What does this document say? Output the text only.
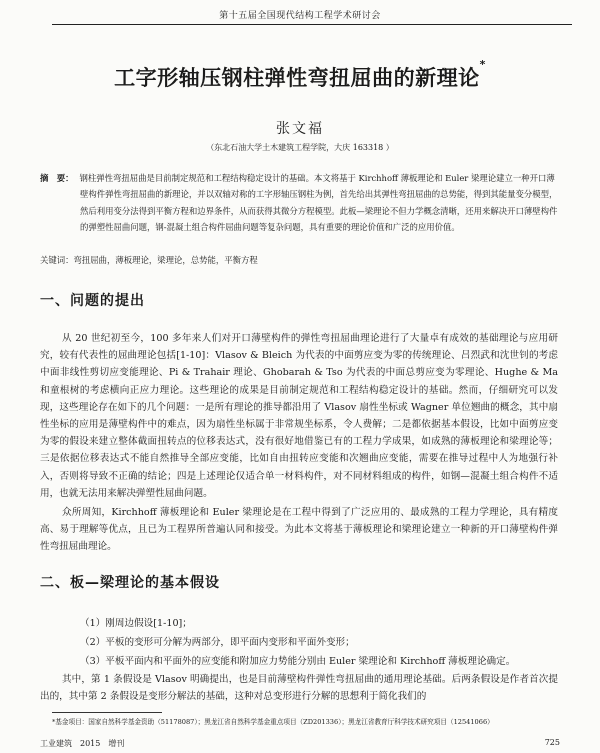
第十五届全国现代结构工程学术研讨会
工字形轴压钢柱弹性弯扭屈曲的新理论*
张文福
（东北石油大学土木建筑工程学院，大庆 163318 ）
摘　要： 钢柱弹性弯扭屈曲是目前制定规范和工程结构稳定设计的基础。本文将基于 Kirchhoff 薄板理论和 Euler 梁理论建立一种开口薄壁构件弹性弯扭屈曲的新理论，并以双轴对称的工字形轴压钢柱为例，首先给出其弹性弯扭屈曲的总势能，得到其能量变分模型，然后利用变分法得到平衡方程和边界条件，从而获得其微分方程模型。此板—梁理论不但力学概念清晰，还用来解决开口薄壁构件的弹塑性屈曲问题，钢-混凝土组合构件屈曲问题等复杂问题，具有重要的理论价值和广泛的应用价值。
关键词：弯扭屈曲，薄板理论，梁理论，总势能，平衡方程
一、问题的提出
从 20 世纪初至今，100 多年来人们对开口薄壁构件的弹性弯扭屈曲理论进行了大量卓有成效的基础理论与应用研究，较有代表性的屈曲理论包括[1-10]：Vlasov & Bleich 为代表的中面剪应变为零的传统理论、吕烈武和沈世钊的考虑中面非线性剪切应变能理论、Pi & Trahair 理论、Ghobarah & Tso 为代表的中面总剪应变为零理论、Hughe & Ma 和童根树的考虑横向正应力理论。这些理论的成果是目前制定规范和工程结构稳定设计的基础。然而，仔细研究可以发现，这些理论存在如下的几个问题：一是所有理论的推导都沿用了 Vlasov 扇性坐标或 Wagner 单位翘曲的概念，其中扇性坐标的应用是薄壁构件中的难点，因为扇性坐标属于非常规坐标系，令人费解；二是都依据基本假设，比如中面剪应变为零的假设来建立整体截面扭转点的位移表达式，没有很好地借鉴已有的工程力学成果，如成熟的薄板理论和梁理论等；三是依据位移表达式不能自然推导全部应变能，比如自由扭转应变能和次翘曲应变能，需要在推导过程中人为地强行补入，否则将导致不正确的结论；四是上述理论仅适合单一材料构件，对不同材料组成的构件，如钢—混凝土组合构件不适用，也就无法用来解决弹塑性屈曲问题。
众所周知，Kirchhoff 薄板理论和 Euler 梁理论是在工程中得到了广泛应用的、最成熟的工程力学理论，具有精度高、易于理解等优点，且已为工程界所普遍认同和接受。为此本文将基于薄板理论和梁理论建立一种新的开口薄壁构件弹性弯扭屈曲理论。
二、板—梁理论的基本假设
（1）刚周边假设[1-10]；
（2）平板的变形可分解为两部分，即平面内变形和平面外变形；
（3）平板平面内和平面外的应变能和附加应力势能分别由 Euler 梁理论和 Kirchhoff 薄板理论确定。
其中，第 1 条假设是 Vlasov 明确提出，也是目前薄壁构件弹性弯扭屈曲的通用理论基础。后两条假设是作者首次提出的，其中第 2 条假设是变形分解法的基础，这种对总变形进行分解的思想利于简化我们的
*基金项目：国家自然科学基金资助（51178087）；黑龙江省自然科学基金重点项目（ZD201336）；黑龙江省教育厅科学技术研究项目（12541066）
工业建筑　2015　增刊	725
